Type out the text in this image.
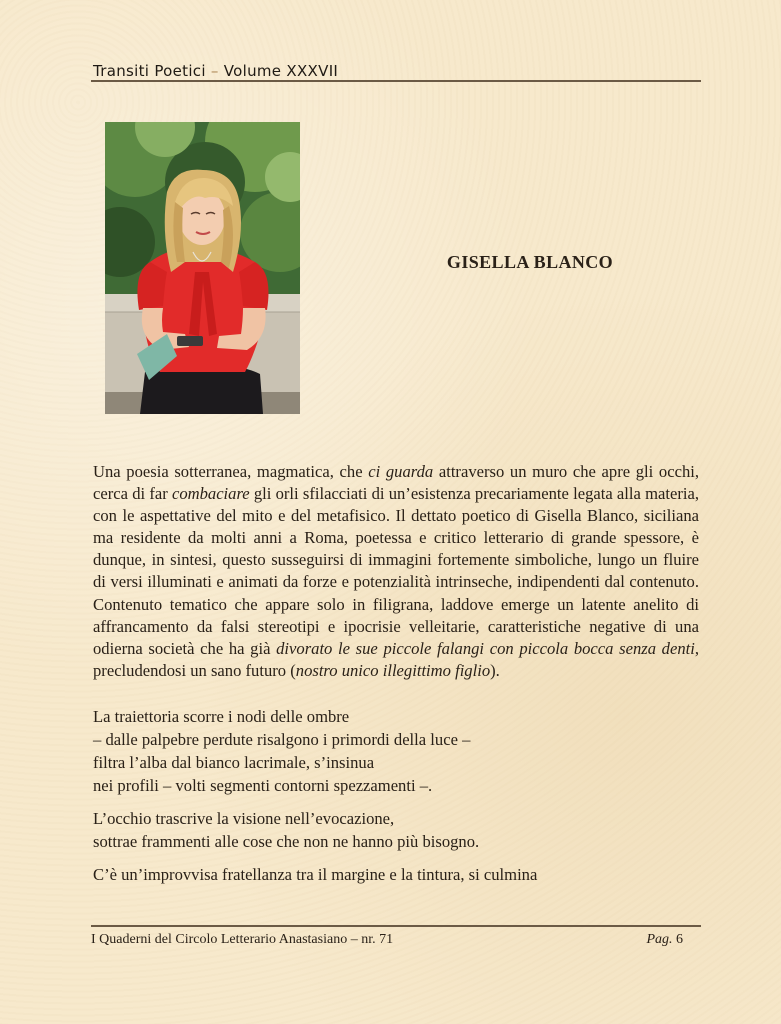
Transiti Poetici – Volume XXXVII
GISELLA BLANCO
Una poesia sotterranea, magmatica, che ci guarda attraverso un muro che apre gli occhi, cerca di far combaciare gli orli sfilacciati di un’esistenza precariamente legata alla materia, con le aspettative del mito e del metafisico. Il dettato poetico di Gisella Blanco, siciliana ma residente da molti anni a Roma, poetessa e critico letterario di grande spessore, è dunque, in sintesi, questo susseguirsi di immagini fortemente simboliche, lungo un fluire di versi illuminati e animati da forze e potenzialità intrinseche, indipendenti dal contenuto. Contenuto tematico che appare solo in filigrana, laddove emerge un latente anelito di affrancamento da falsi stereotipi e ipocrisie velleitarie, caratteristiche negative di una odierna società che ha già divorato le sue piccole falangi con piccola bocca senza denti, precludendosi un sano futuro (nostro unico illegittimo figlio).
La traiettoria scorre i nodi delle ombre
– dalle palpebre perdute risalgono i primordi della luce –
filtra l’alba dal bianco lacrimale, s’insinua
nei profili – volti segmenti contorni spezzamenti –.
L’occhio trascrive la visione nell’evocazione,
sottrae frammenti alle cose che non ne hanno più bisogno.
C’è un’improvvisa fratellanza tra il margine e la tintura, si culmina
I Quaderni del Circolo Letterario Anastasiano – nr. 71	Pag. 6
